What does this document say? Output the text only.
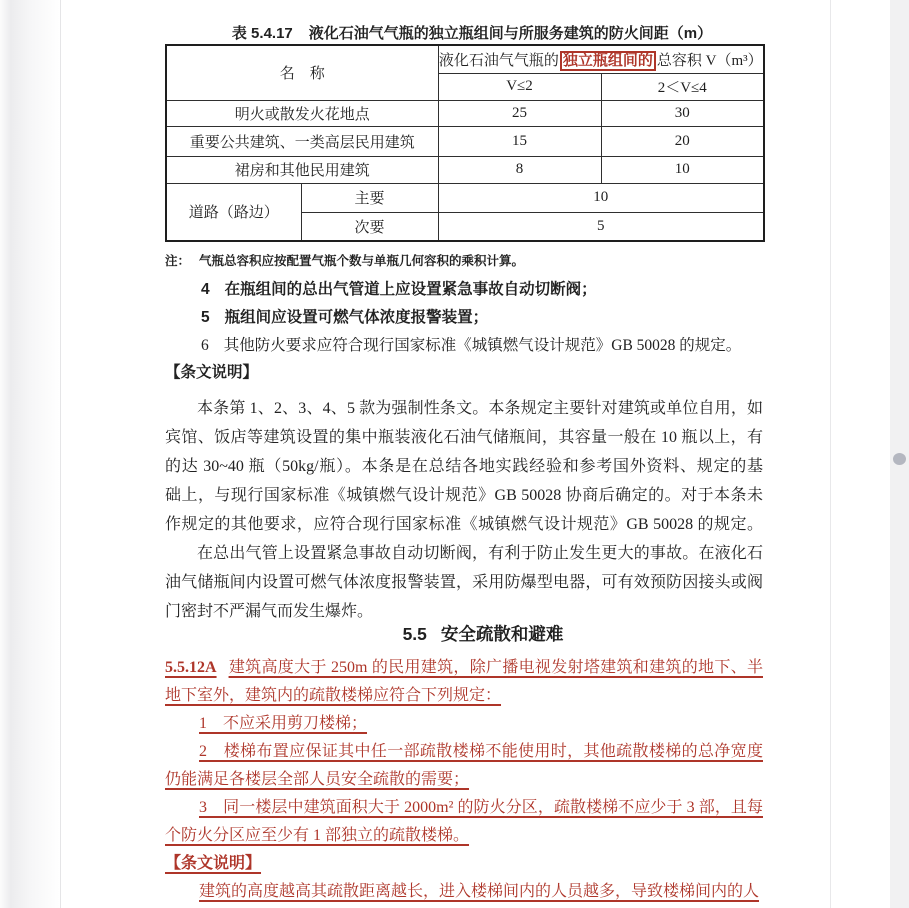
表 5.4.17 液化石油气气瓶的独立瓶组间与所服务建筑的防火间距（m）
名　称		液化石油气气瓶的 独立瓶组间的 总容积 V（m³）	
		V≤2	2＜V≤4
明火或散发火花地点		25	30
重要公共建筑、一类高层民用建筑		15	20
裙房和其他民用建筑		8	10
道路（路边）	主要	10	
	次要	5	
注： 气瓶总容积应按配置气瓶个数与单瓶几何容积的乘积计算。
4 在瓶组间的总出气管道上应设置紧急事故自动切断阀；
5 瓶组间应设置可燃气体浓度报警装置；
6 其他防火要求应符合现行国家标准《城镇燃气设计规范》GB 50028 的规定。
【条文说明】
本条第 1、2、3、4、5 款为强制性条文。本条规定主要针对建筑或单位自用，如
宾馆、饭店等建筑设置的集中瓶装液化石油气储瓶间，其容量一般在 10 瓶以上，有
的达 30~40 瓶（50kg/瓶）。本条是在总结各地实践经验和参考国外资料、规定的基
础上，与现行国家标准《城镇燃气设计规范》GB 50028 协商后确定的。对于本条未
作规定的其他要求，应符合现行国家标准《城镇燃气设计规范》GB 50028 的规定。
在总出气管上设置紧急事故自动切断阀，有利于防止发生更大的事故。在液化石
油气储瓶间内设置可燃气体浓度报警装置，采用防爆型电器，可有效预防因接头或阀
门密封不严漏气而发生爆炸。
5.5 安全疏散和避难
5.5.12A 建筑高度大于 250m 的民用建筑，除广播电视发射塔建筑和建筑的地下、半
地下室外，建筑内的疏散楼梯应符合下列规定：
1　不应采用剪刀楼梯；
2　楼梯布置应保证其中任一部疏散楼梯不能使用时，其他疏散楼梯的总净宽度
仍能满足各楼层全部人员安全疏散的需要；
3　同一楼层中建筑面积大于 2000m² 的防火分区，疏散楼梯不应少于 3 部，且每
个防火分区应至少有 1 部独立的疏散楼梯。
【条文说明】
建筑的高度越高其疏散距离越长，进入楼梯间内的人员越多，导致楼梯间内的人
